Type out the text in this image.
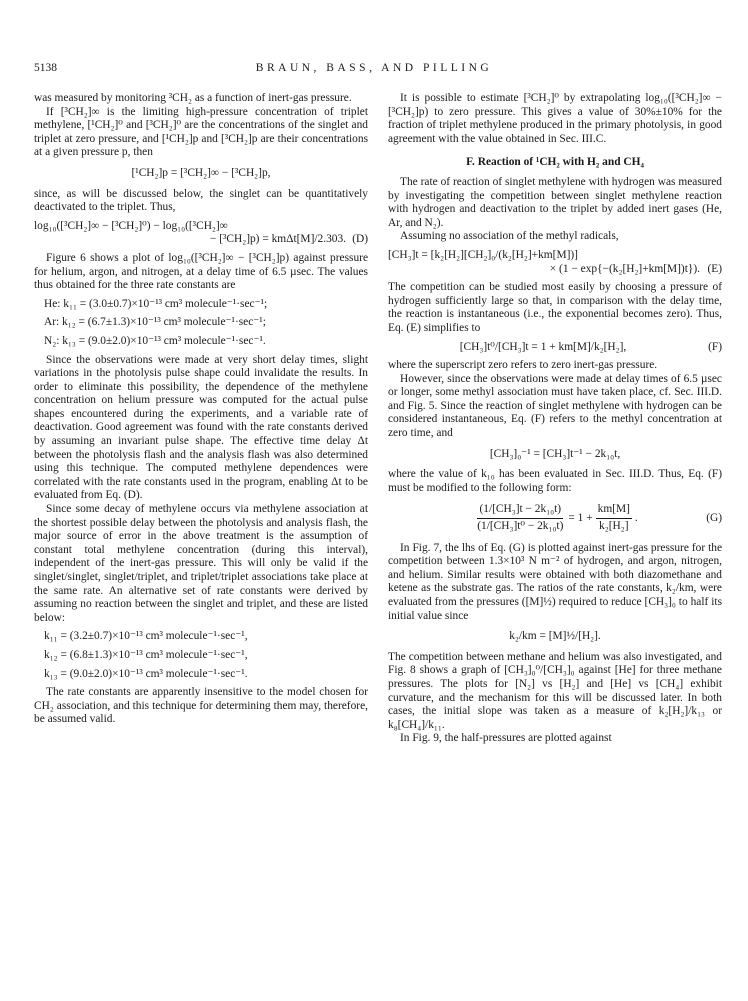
5138	BRAUN, BASS, AND PILLING

was measured by monitoring ³CH₂ as a function of inert-gas pressure.

If [³CH₂]∞ is the limiting high-pressure concentration of triplet methylene, [¹CH₂]⁰ and [³CH₂]⁰ are the concentrations of the singlet and triplet at zero pressure, and [¹CH₂]p and [³CH₂]p are their concentrations at a given pressure p, then

[¹CH₂]p = [³CH₂]∞ − [³CH₂]p,

since, as will be discussed below, the singlet can be quantitatively deactivated to the triplet. Thus,

log₁₀([³CH₂]∞ − [³CH₂]⁰) − log₁₀([³CH₂]∞
− [³CH₂]p) = kmΔt[M]/2.303. (D)

Figure 6 shows a plot of log₁₀([³CH₂]∞ − [³CH₂]p) against pressure for helium, argon, and nitrogen, at a delay time of 6.5 µsec. The values thus obtained for the three rate constants are

He: k₁₁ = (3.0±0.7)×10⁻¹³ cm³ molecule⁻¹·sec⁻¹;
Ar: k₁₂ = (6.7±1.3)×10⁻¹³ cm³ molecule⁻¹·sec⁻¹;
N₂: k₁₃ = (9.0±2.0)×10⁻¹³ cm³ molecule⁻¹·sec⁻¹.

Since the observations were made at very short delay times, slight variations in the photolysis pulse shape could invalidate the results. In order to eliminate this possibility, the dependence of the methylene concentration on helium pressure was computed for the actual pulse shapes encountered during the experiments, and a variable rate of deactivation. Good agreement was found with the rate constants derived by assuming an invariant pulse shape. The effective time delay Δt between the photolysis flash and the analysis flash was also determined using this technique. The computed methylene dependences were correlated with the rate constants used in the program, enabling Δt to be evaluated from Eq. (D).

Since some decay of methylene occurs via methylene association at the shortest possible delay between the photolysis and analysis flash, the major source of error in the above treatment is the assumption of constant total methylene concentration (during this interval), independent of the inert-gas pressure. This will only be valid if the singlet/singlet, singlet/triplet, and triplet/triplet associations take place at the same rate. An alternative set of rate constants were derived by assuming no reaction between the singlet and triplet, and these are listed below:

k₁₁ = (3.2±0.7)×10⁻¹³ cm³ molecule⁻¹·sec⁻¹,
k₁₂ = (6.8±1.3)×10⁻¹³ cm³ molecule⁻¹·sec⁻¹,
k₁₃ = (9.0±2.0)×10⁻¹³ cm³ molecule⁻¹·sec⁻¹.

The rate constants are apparently insensitive to the model chosen for CH₂ association, and this technique for determining them may, therefore, be assumed valid.

It is possible to estimate [³CH₂]⁰ by extrapolating log₁₀([³CH₂]∞ − [³CH₂]p) to zero pressure. This gives a value of 30%±10% for the fraction of triplet methylene produced in the primary photolysis, in good agreement with the value obtained in Sec. III.C.

F. Reaction of ¹CH₂ with H₂ and CH₄

The rate of reaction of singlet methylene with hydrogen was measured by investigating the competition between singlet methylene reaction with hydrogen and deactivation to the triplet by added inert gases (He, Ar, and N₂).

Assuming no association of the methyl radicals,

[CH₃]t = [k₂[H₂][CH₂]₀/(k₂[H₂]+km[M])]
× (1 − exp{−(k₂[H₂]+km[M])t}). (E)

The competition can be studied most easily by choosing a pressure of hydrogen sufficiently large so that, in comparison with the delay time, the reaction is instantaneous (i.e., the exponential becomes zero). Thus, Eq. (E) simplifies to

[CH₃]t⁰/[CH₃]t = 1 + km[M]/k₂[H₂],	(F)

where the superscript zero refers to zero inert-gas pressure.

However, since the observations were made at delay times of 6.5 µsec or longer, some methyl association must have taken place, cf. Sec. III.D. and Fig. 5. Since the reaction of singlet methylene with hydrogen can be considered instantaneous, Eq. (F) refers to the methyl concentration at zero time, and

[CH₃]₀⁻¹ = [CH₃]t⁻¹ − 2k₁₀t,

where the value of k₁₀ has been evaluated in Sec. III.D. Thus, Eq. (F) must be modified to the following form:

$\frac{\text{(1/[CH₃]t − 2k₁₀t)}}{\text{(1/[CH₃]t⁰ − 2k₁₀t)}} = 1 + \frac{km[M]}{\text{k₂[H₂]}}$ .	(G)

In Fig. 7, the lhs of Eq. (G) is plotted against inert-gas pressure for the competition between 1.3×10³ N m⁻² of hydrogen, and argon, nitrogen, and helium. Similar results were obtained with both diazomethane and ketene as the substrate gas. The ratios of the rate constants, k₂/km, were evaluated from the pressures ([M]½) required to reduce [CH₃]₀ to half its initial value since

k₂/km = [M]½/[H₂].

The competition between methane and helium was also investigated, and Fig. 8 shows a graph of [CH₃]₀⁰/[CH₃]₀ against [He] for three methane pressures. The plots for [N₂] vs [H₂] and [He] vs [CH₄] exhibit curvature, and the mechanism for this will be discussed later. In both cases, the initial slope was taken as a measure of k₂[H₂]/k₁₃ or k₈[CH₄]/k₁₁.

In Fig. 9, the half-pressures are plotted against
